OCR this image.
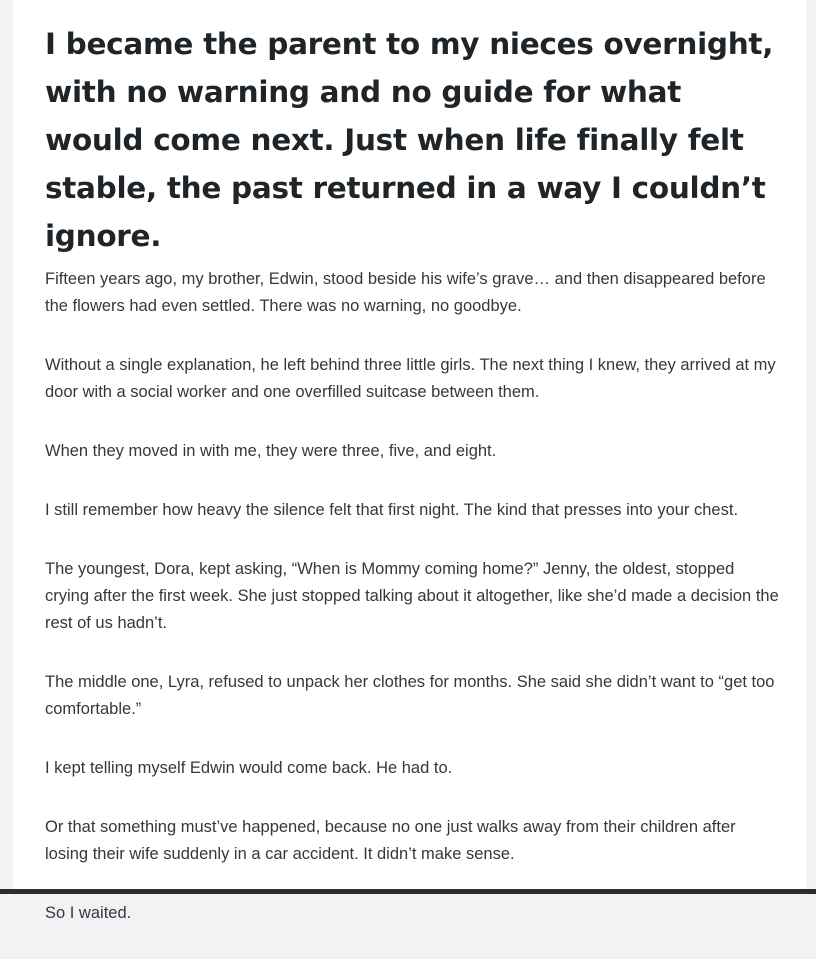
I became the parent to my nieces overnight, with no warning and no guide for what would come next. Just when life finally felt stable, the past returned in a way I couldn’t ignore.

Fifteen years ago, my brother, Edwin, stood beside his wife’s grave… and then disappeared before the flowers had even settled. There was no warning, no goodbye.

Without a single explanation, he left behind three little girls. The next thing I knew, they arrived at my door with a social worker and one overfilled suitcase between them.

When they moved in with me, they were three, five, and eight.

I still remember how heavy the silence felt that first night. The kind that presses into your chest.

The youngest, Dora, kept asking, “When is Mommy coming home?” Jenny, the oldest, stopped crying after the first week. She just stopped talking about it altogether, like she’d made a decision the rest of us hadn’t.

The middle one, Lyra, refused to unpack her clothes for months. She said she didn’t want to “get too comfortable.”

I kept telling myself Edwin would come back. He had to.

Or that something must’ve happened, because no one just walks away from their children after losing their wife suddenly in a car accident. It didn’t make sense.

So I waited.
